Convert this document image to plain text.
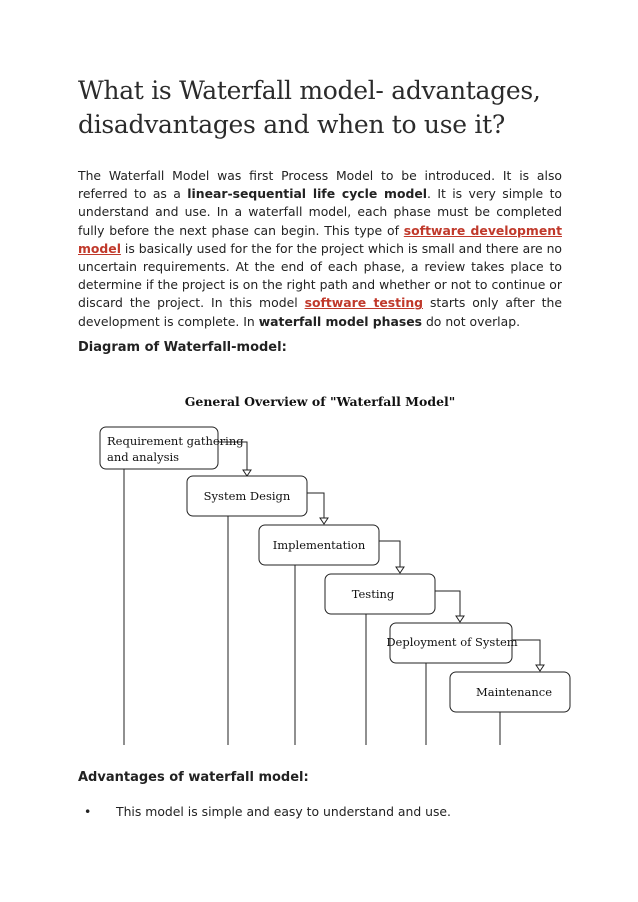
What is Waterfall model- advantages, disadvantages and when to use it?

The Waterfall Model was first Process Model to be introduced. It is also referred to as a linear-sequential life cycle model. It is very simple to understand and use. In a waterfall model, each phase must be completed fully before the next phase can begin. This type of software development model is basically used for the for the project which is small and there are no uncertain requirements. At the end of each phase, a review takes place to determine if the project is on the right path and whether or not to continue or discard the project. In this model software testing starts only after the development is complete. In waterfall model phases do not overlap.

Diagram of Waterfall-model:
General Overview of "Waterfall Model"
Requirement gathering
and analysis
System Design
Implementation
Testing
Deployment of System
Maintenance
Advantages of waterfall model:
• This model is simple and easy to understand and use.
